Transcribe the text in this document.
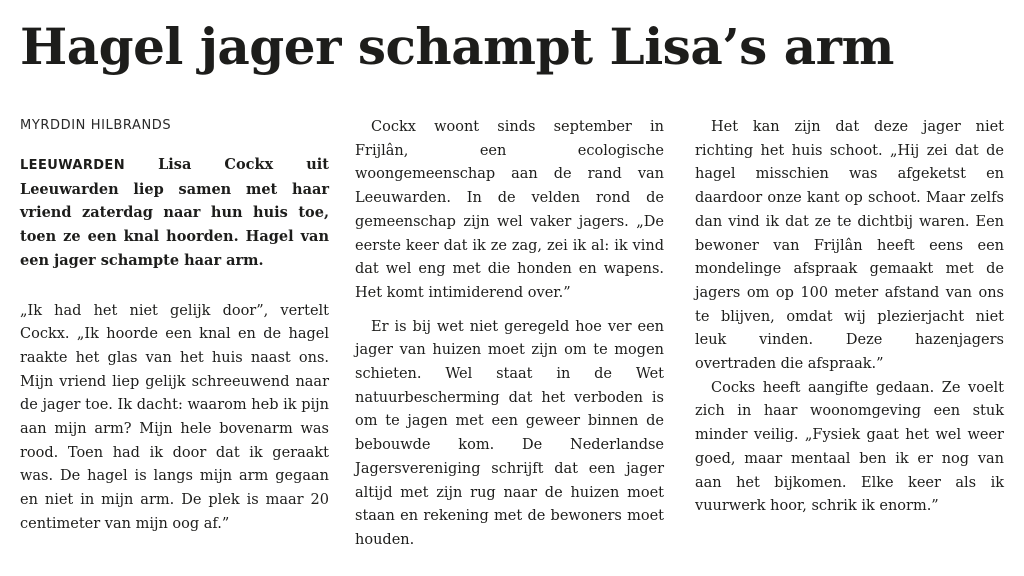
Hagel jager schampt Lisa’s arm

MYRDDIN HILBRANDS

LEEUWARDEN Lisa Cockx uit Leeuwarden liep samen met haar vriend zaterdag naar hun huis toe, toen ze een knal hoorden. Hagel van een jager schampte haar arm.

„Ik had het niet gelijk door”, vertelt Cockx. „Ik hoorde een knal en de hagel raakte het glas van het huis naast ons. Mijn vriend liep gelijk schreeuwend naar de jager toe. Ik dacht: waarom heb ik pijn aan mijn arm? Mijn hele bovenarm was rood. Toen had ik door dat ik geraakt was. De hagel is langs mijn arm gegaan en niet in mijn arm. De plek is maar 20 centimeter van mijn oog af.”

Cockx woont sinds september in Frijlân, een ecologische woongemeenschap aan de rand van Leeuwarden. In de velden rond de gemeenschap zijn wel vaker jagers. „De eerste keer dat ik ze zag, zei ik al: ik vind dat wel eng met die honden en wapens. Het komt intimiderend over.”

Er is bij wet niet geregeld hoe ver een jager van huizen moet zijn om te mogen schieten. Wel staat in de Wet natuurbescherming dat het verboden is om te jagen met een geweer binnen de bebouwde kom. De Nederlandse Jagersvereniging schrijft dat een jager altijd met zijn rug naar de huizen moet staan en rekening met de bewoners moet houden.

Het kan zijn dat deze jager niet richting het huis schoot. „Hij zei dat de hagel misschien was afgeketst en daardoor onze kant op schoot. Maar zelfs dan vind ik dat ze te dichtbij waren. Een bewoner van Frijlân heeft eens een mondelinge afspraak gemaakt met de jagers om op 100 meter afstand van ons te blijven, omdat wij plezierjacht niet leuk vinden. Deze hazenjagers overtraden die afspraak.”

Cocks heeft aangifte gedaan. Ze voelt zich in haar woonomgeving een stuk minder veilig. „Fysiek gaat het wel weer goed, maar mentaal ben ik er nog van aan het bijkomen. Elke keer als ik vuurwerk hoor, schrik ik enorm.”
